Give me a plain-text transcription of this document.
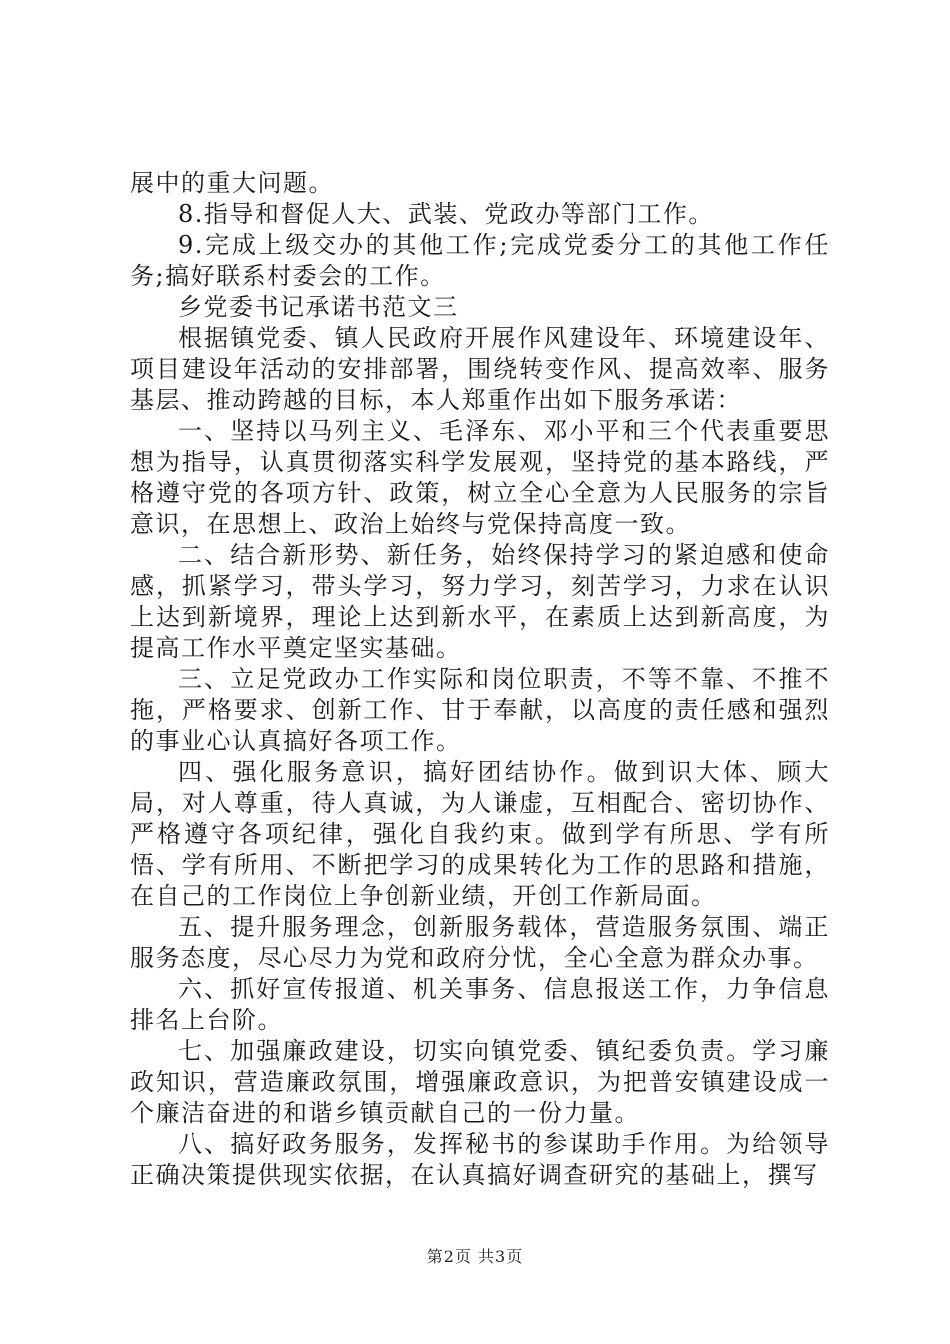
展中的重大问题。

8.指导和督促人大、武装、党政办等部门工作。

9.完成上级交办的其他工作;完成党委分工的其他工作任务;搞好联系村委会的工作。

乡党委书记承诺书范文三

根据镇党委、镇人民政府开展作风建设年、环境建设年、项目建设年活动的安排部署，围绕转变作风、提高效率、服务基层、推动跨越的目标，本人郑重作出如下服务承诺：

一、坚持以马列主义、毛泽东、邓小平和三个代表重要思想为指导，认真贯彻落实科学发展观，坚持党的基本路线，严格遵守党的各项方针、政策，树立全心全意为人民服务的宗旨意识，在思想上、政治上始终与党保持高度一致。

二、结合新形势、新任务，始终保持学习的紧迫感和使命感，抓紧学习，带头学习，努力学习，刻苦学习，力求在认识上达到新境界，理论上达到新水平，在素质上达到新高度，为提高工作水平奠定坚实基础。

三、立足党政办工作实际和岗位职责，不等不靠、不推不拖，严格要求、创新工作、甘于奉献，以高度的责任感和强烈的事业心认真搞好各项工作。

四、强化服务意识，搞好团结协作。做到识大体、顾大局，对人尊重，待人真诚，为人谦虚，互相配合、密切协作、严格遵守各项纪律，强化自我约束。做到学有所思、学有所悟、学有所用、不断把学习的成果转化为工作的思路和措施，在自己的工作岗位上争创新业绩，开创工作新局面。

五、提升服务理念，创新服务载体，营造服务氛围、端正服务态度，尽心尽力为党和政府分忧，全心全意为群众办事。

六、抓好宣传报道、机关事务、信息报送工作，力争信息排名上台阶。

七、加强廉政建设，切实向镇党委、镇纪委负责。学习廉政知识，营造廉政氛围，增强廉政意识，为把普安镇建设成一个廉洁奋进的和谐乡镇贡献自己的一份力量。

八、搞好政务服务，发挥秘书的参谋助手作用。为给领导正确决策提供现实依据，在认真搞好调查研究的基础上，撰写

第2页 共3页
